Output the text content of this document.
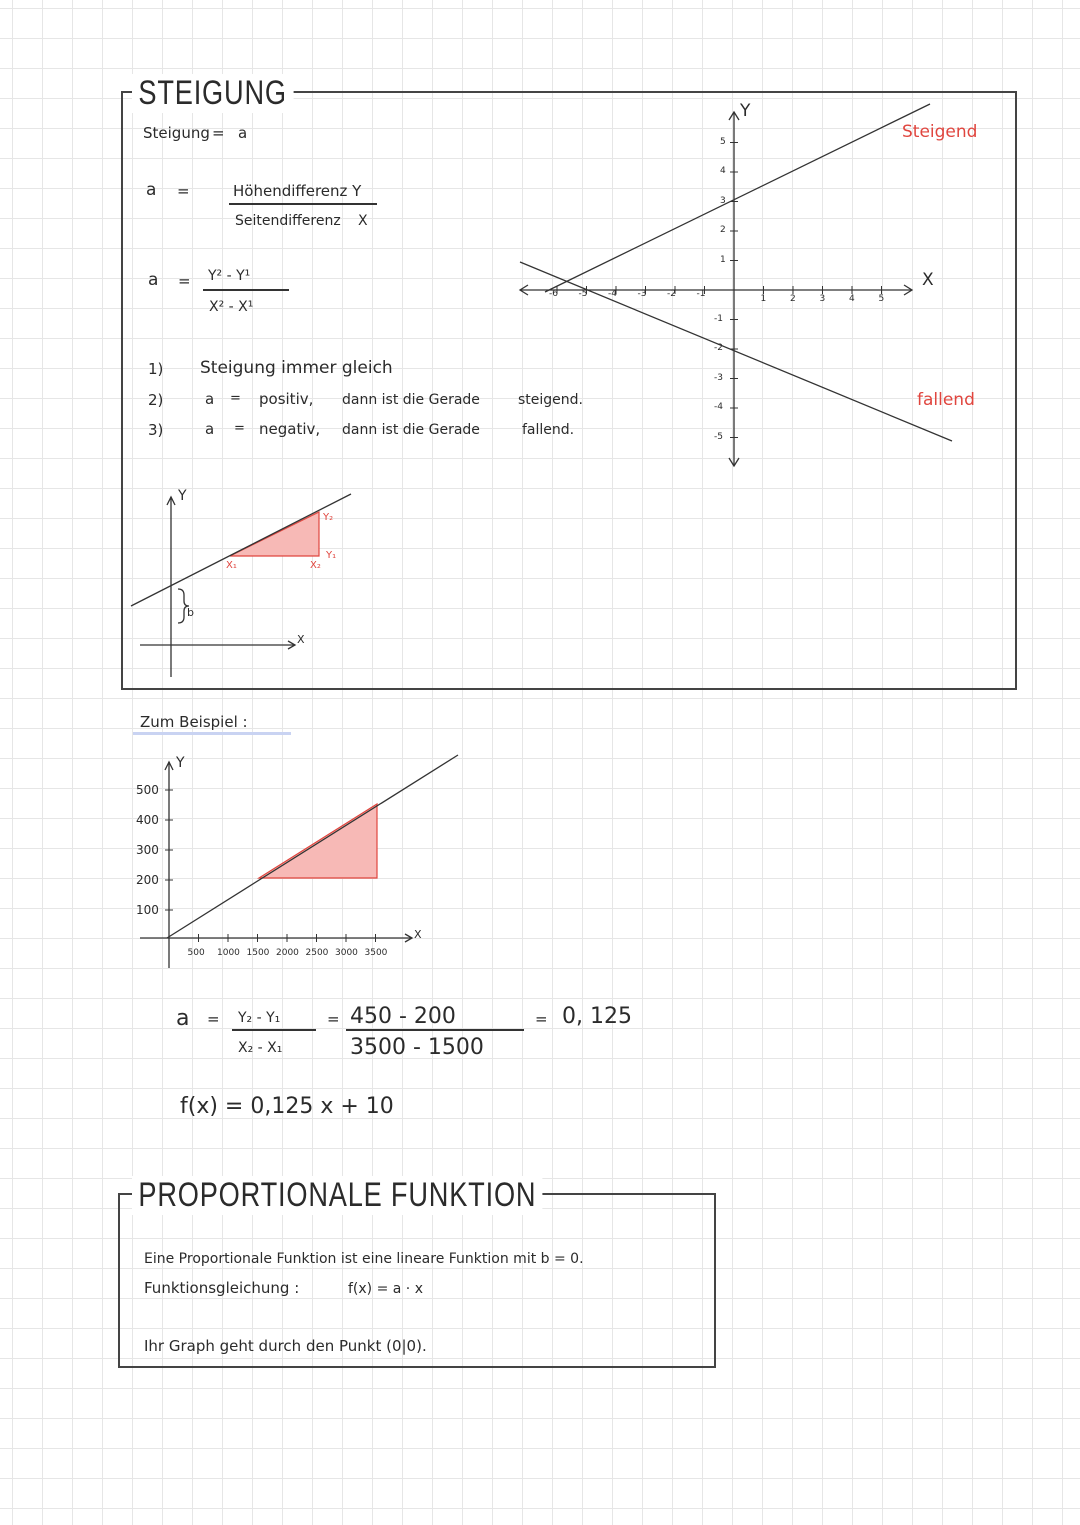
STEIGUNG
Steigung = a
a =	Höhendifferenz Y
Seitendifferenz X
a = Y² - Y¹
X² - X¹
1) Steigung immer gleich
2)	a = positiv, dann ist die Gerade	steigend.
3)	a = negativ, dann ist die Gerade	fallend.
Y
X
Steigend
fallend
-6 -5 -4 -3 -2 -1	1	2	3	4	5
5
4
3
2
1
-1
-2
-3
-4
-5
Y
X
b
X₁	X₂
Y₂
Y₁
Zum Beispiel :
Y
X
500 1000 1500 2000 2500 3000 3500
500
400
300
200
100
a = Y₂ - Y₁
X₂ - X₁
= 450 - 200
3500 - 1500
= 0, 125
f(x) = 0,125 x + 10
PROPORTIONALE FUNKTION
Eine Proportionale Funktion ist eine lineare Funktion mit b = 0.
Funktionsgleichung :	f(x) = a · x
Ihr Graph geht durch den Punkt (0|0).
